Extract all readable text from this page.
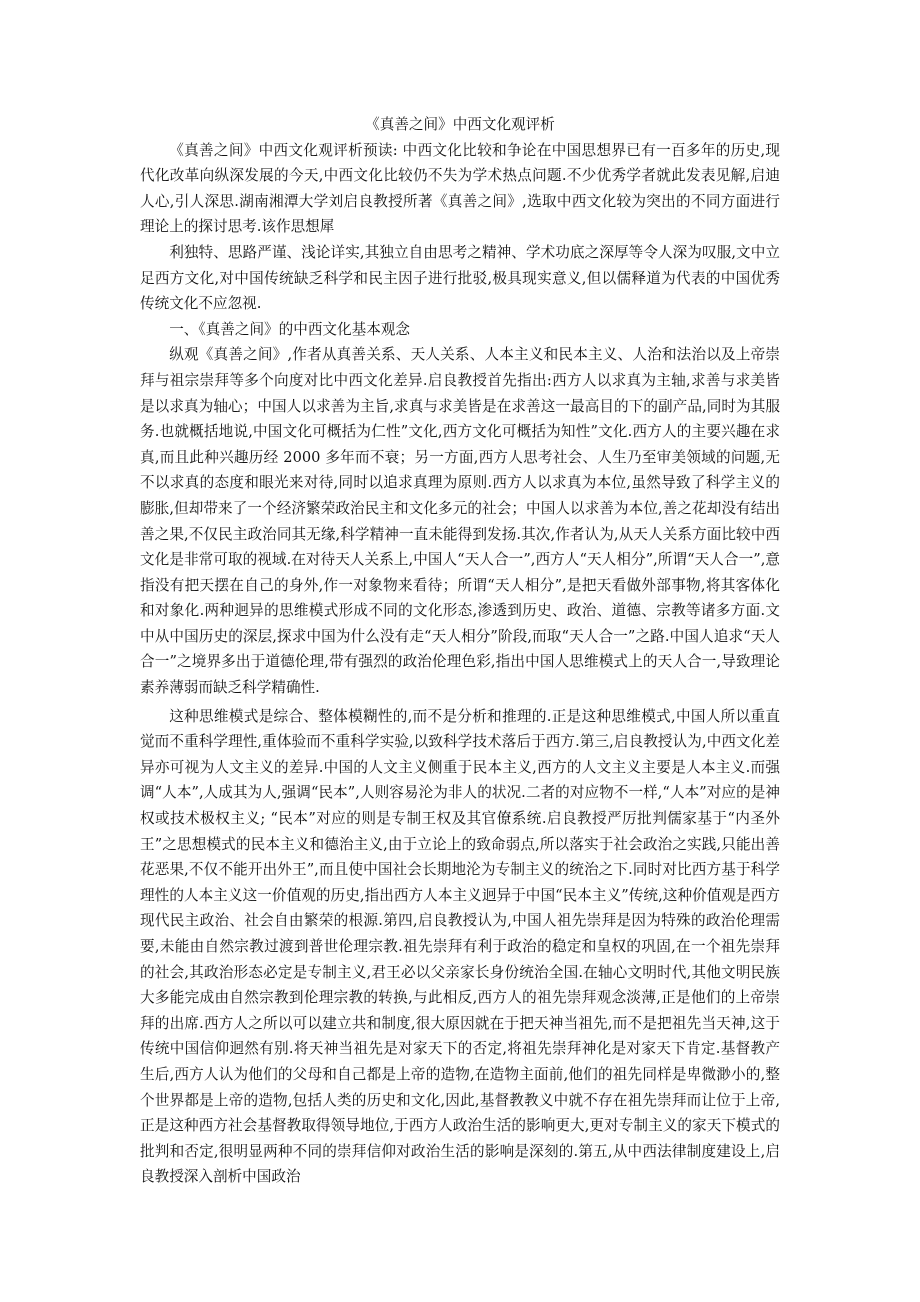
《真善之间》中西文化观评析

《真善之间》中西文化观评析预读: 中西文化比较和争论在中国思想界已有一百多年的历史,现代化改革向纵深发展的今天,中西文化比较仍不失为学术热点问题.不少优秀学者就此发表见解,启迪人心,引人深思.湖南湘潭大学刘启良教授所著《真善之间》,选取中西文化较为突出的不同方面进行理论上的探讨思考.该作思想犀

利独特、思路严谨、浅论详实,其独立自由思考之精神、学术功底之深厚等令人深为叹服,文中立足西方文化,对中国传统缺乏科学和民主因子进行批驳,极具现实意义,但以儒释道为代表的中国优秀传统文化不应忽视.

一、《真善之间》的中西文化基本观念

纵观《真善之间》,作者从真善关系、天人关系、人本主义和民本主义、人治和法治以及上帝崇拜与祖宗崇拜等多个向度对比中西文化差异.启良教授首先指出:西方人以求真为主轴,求善与求美皆是以求真为轴心；中国人以求善为主旨,求真与求美皆是在求善这一最高目的下的副产品,同时为其服务.也就概括地说,中国文化可概括为仁性”文化,西方文化可概括为知性”文化.西方人的主要兴趣在求真,而且此种兴趣历经 2000 多年而不衰；另一方面,西方人思考社会、人生乃至审美领域的问题,无不以求真的态度和眼光来对待,同时以追求真理为原则.西方人以求真为本位,虽然导致了科学主义的膨胀,但却带来了一个经济繁荣政治民主和文化多元的社会；中国人以求善为本位,善之花却没有结出善之果,不仅民主政治同其无缘,科学精神一直未能得到发扬.其次,作者认为,从天人关系方面比较中西文化是非常可取的视域.在对待天人关系上,中国人“天人合一”,西方人“天人相分”,所谓“天人合一”,意指没有把天摆在自己的身外,作一对象物来看待；所谓“天人相分”,是把天看做外部事物,将其客体化和对象化.两种迥异的思维模式形成不同的文化形态,渗透到历史、政治、道德、宗教等诸多方面.文中从中国历史的深层,探求中国为什么没有走“天人相分”阶段,而取“天人合一”之路.中国人追求“天人合一”之境界多出于道德伦理,带有强烈的政治伦理色彩,指出中国人思维模式上的天人合一,导致理论素养薄弱而缺乏科学精确性.

这种思维模式是综合、整体模糊性的,而不是分析和推理的.正是这种思维模式,中国人所以重直觉而不重科学理性,重体验而不重科学实验,以致科学技术落后于西方.第三,启良教授认为,中西文化差异亦可视为人文主义的差异.中国的人文主义侧重于民本主义,西方的人文主义主要是人本主义.而强调“人本”,人成其为人,强调“民本”,人则容易沦为非人的状况.二者的对应物不一样,“人本”对应的是神权或技术极权主义; “民本”对应的则是专制王权及其官僚系统.启良教授严厉批判儒家基于“内圣外王”之思想模式的民本主义和德治主义,由于立论上的致命弱点,所以落实于社会政治之实践,只能出善花恶果,不仅不能开出外王”,而且使中国社会长期地沦为专制主义的统治之下.同时对比西方基于科学理性的人本主义这一价值观的历史,指出西方人本主义迥异于中国“民本主义”传统,这种价值观是西方现代民主政治、社会自由繁荣的根源.第四,启良教授认为,中国人祖先崇拜是因为特殊的政治伦理需要,未能由自然宗教过渡到普世伦理宗教.祖先崇拜有利于政治的稳定和皇权的巩固,在一个祖先崇拜的社会,其政治形态必定是专制主义,君王必以父亲家长身份统治全国.在轴心文明时代,其他文明民族大多能完成由自然宗教到伦理宗教的转换,与此相反,西方人的祖先崇拜观念淡薄,正是他们的上帝崇拜的出席.西方人之所以可以建立共和制度,很大原因就在于把天神当祖先,而不是把祖先当天神,这于传统中国信仰迥然有别.将天神当祖先是对家天下的否定,将祖先崇拜神化是对家天下肯定.基督教产生后,西方人认为他们的父母和自己都是上帝的造物,在造物主面前,他们的祖先同样是卑微渺小的,整个世界都是上帝的造物,包括人类的历史和文化,因此,基督教教义中就不存在祖先崇拜而让位于上帝,正是这种西方社会基督教取得领导地位,于西方人政治生活的影响更大,更对专制主义的家天下模式的批判和否定,很明显两种不同的崇拜信仰对政治生活的影响是深刻的.第五,从中西法律制度建设上,启良教授深入剖析中国政治
